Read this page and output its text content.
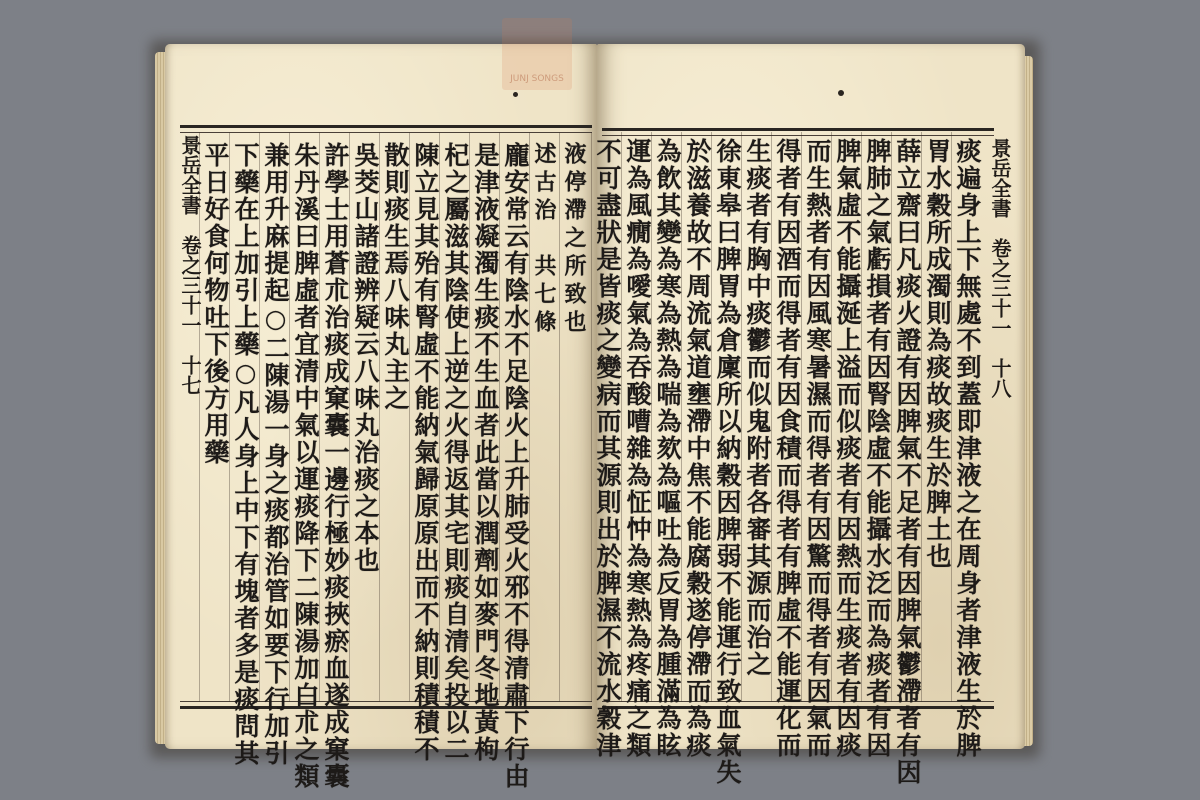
JUNJ SONGS
景岳全書　卷之三十一　十七	景岳全書　卷之三十一　十八
痰遍身上下無處不到蓋即津液之在周身者津液生於脾
胃水穀所成濁則為痰故痰生於脾土也
薛立齋曰凡痰火證有因脾氣不足者有因脾氣鬱滯者有因
脾肺之氣虧損者有因腎陰虛不能攝水泛而為痰者有因
脾氣虛不能攝涎上溢而似痰者有因熱而生痰者有因痰
而生熱者有因風寒暑濕而得者有因驚而得者有因氣而
得者有因酒而得者有因食積而得者有脾虛不能運化而
生痰者有胸中痰鬱而似鬼附者各審其源而治之
徐東皋曰脾胃為倉廩所以納穀因脾弱不能運行致血氣失
於滋養故不周流氣道壅滯中焦不能腐穀遂停滯而為痰
為飲其變為寒為熱為喘為欬為嘔吐為反胃為腫滿為眩
運為風癇為噯氣為吞酸嘈雜為怔忡為寒熱為疼痛之類
不可盡狀是皆痰之變病而其源則出於脾濕不流水穀津
液停滯之所致也
述古治　共七條
龐安常云有陰水不足陰火上升肺受火邪不得清肅下行由
是津液凝濁生痰不生血者此當以潤劑如麥門冬地黃枸
杞之屬滋其陰使上逆之火得返其宅則痰自清矣投以二
陳立見其殆有腎虛不能納氣歸原原出而不納則積積不
散則痰生焉八味丸主之
吳茭山諸證辨疑云八味丸治痰之本也
許學士用蒼朮治痰成窠囊一邊行極妙痰挾瘀血遂成窠囊
朱丹溪曰脾虛者宜清中氣以運痰降下二陳湯加白朮之類
兼用升麻提起○二陳湯一身之痰都治管如要下行加引
下藥在上加引上藥○凡人身上中下有塊者多是痰問其
平日好食何物吐下後方用藥
